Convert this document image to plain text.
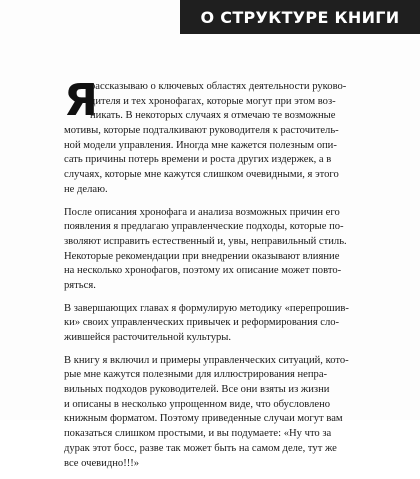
О СТРУКТУРЕ КНИГИ
Я
рассказываю о ключевых областях деятельности руково-
дителя и тех хронофагах, которые могут при этом воз-
никать. В некоторых случаях я отмечаю те возможные
мотивы, которые подталкивают руководителя к расточитель-
ной модели управления. Иногда мне кажется полезным опи-
сать причины потерь времени и роста других издержек, а в
случаях, которые мне кажутся слишком очевидными, я этого
не делаю.
После описания хронофага и анализа возможных причин его
появления я предлагаю управленческие подходы, которые по-
зволяют исправить естественный и, увы, неправильный стиль.
Некоторые рекомендации при внедрении оказывают влияние
на несколько хронофагов, поэтому их описание может повто-
ряться.
В завершающих главах я формулирую методику «перепрошив-
ки» своих управленческих привычек и реформирования сло-
жившейся расточительной культуры.
В книгу я включил и примеры управленческих ситуаций, кото-
рые мне кажутся полезными для иллюстрирования непра-
вильных подходов руководителей. Все они взяты из жизни
и описаны в несколько упрощенном виде, что обусловлено
книжным форматом. Поэтому приведенные случаи могут вам
показаться слишком простыми, и вы подумаете: «Ну что за
дурак этот босс, разве так может быть на самом деле, тут же
все очевидно!!!»
